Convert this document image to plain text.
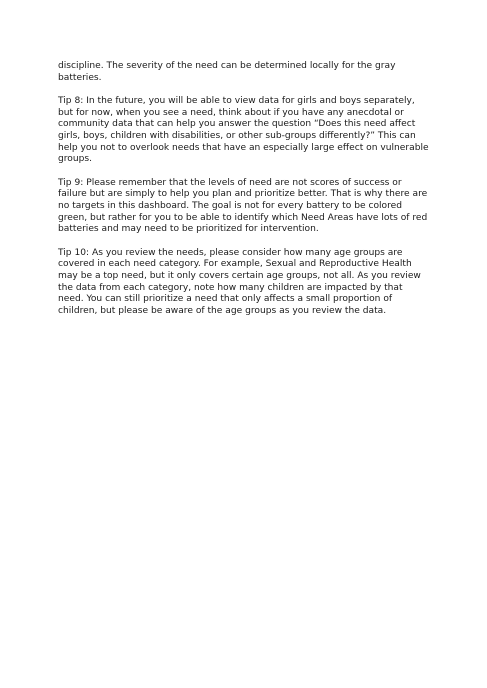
discipline. The severity of the need can be determined locally for the gray
batteries.

Tip 8: In the future, you will be able to view data for girls and boys separately,
but for now, when you see a need, think about if you have any anecdotal or
community data that can help you answer the question “Does this need affect
girls, boys, children with disabilities, or other sub-groups differently?” This can
help you not to overlook needs that have an especially large effect on vulnerable
groups.

Tip 9: Please remember that the levels of need are not scores of success or
failure but are simply to help you plan and prioritize better. That is why there are
no targets in this dashboard. The goal is not for every battery to be colored
green, but rather for you to be able to identify which Need Areas have lots of red
batteries and may need to be prioritized for intervention.

Tip 10: As you review the needs, please consider how many age groups are
covered in each need category. For example, Sexual and Reproductive Health
may be a top need, but it only covers certain age groups, not all. As you review
the data from each category, note how many children are impacted by that
need. You can still prioritize a need that only affects a small proportion of
children, but please be aware of the age groups as you review the data.
